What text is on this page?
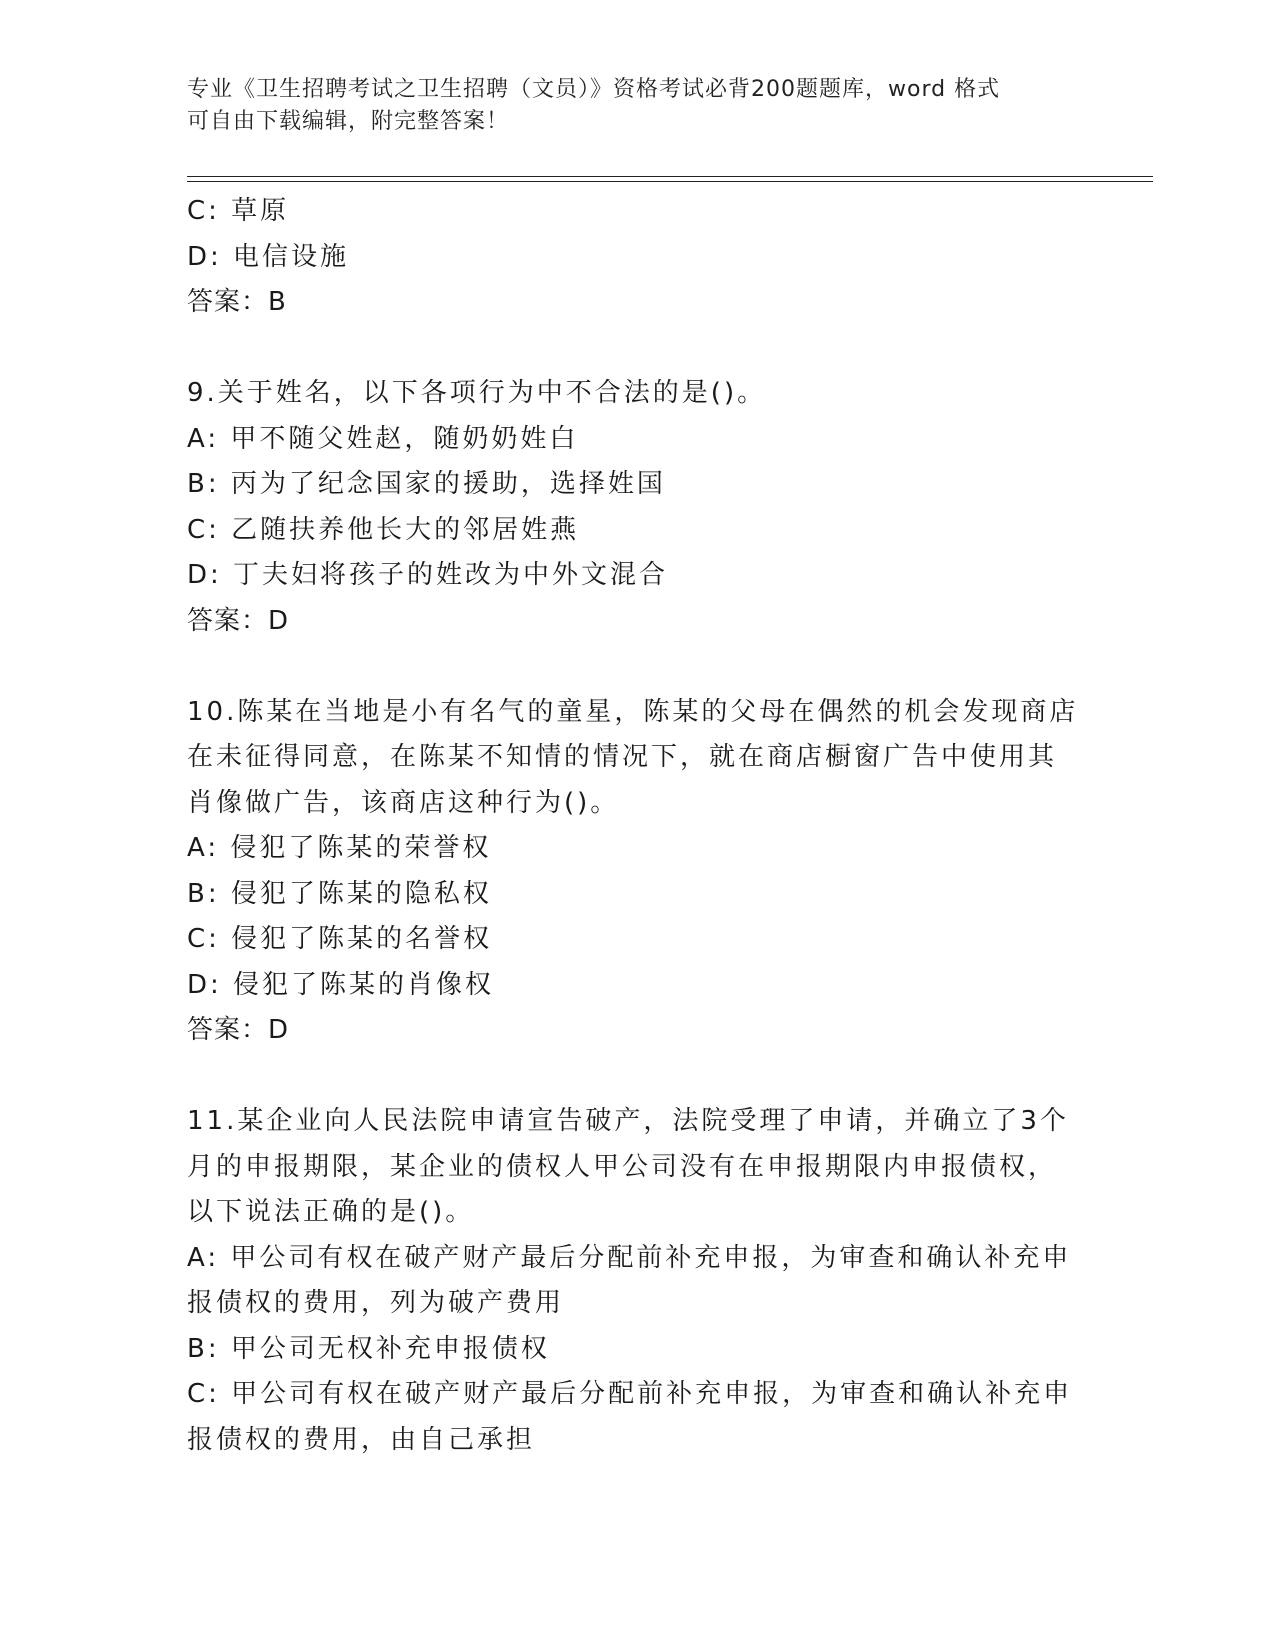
专业《卫生招聘考试之卫生招聘（文员）》资格考试必背200题题库，word 格式
可自由下载编辑，附完整答案！
C: 草原
D: 电信设施
答案：B
9.关于姓名，以下各项行为中不合法的是()。
A: 甲不随父姓赵，随奶奶姓白
B: 丙为了纪念国家的援助，选择姓国
C: 乙随扶养他长大的邻居姓燕
D: 丁夫妇将孩子的姓改为中外文混合
答案：D
10.陈某在当地是小有名气的童星，陈某的父母在偶然的机会发现商店
在未征得同意，在陈某不知情的情况下，就在商店橱窗广告中使用其
肖像做广告，该商店这种行为()。
A: 侵犯了陈某的荣誉权
B: 侵犯了陈某的隐私权
C: 侵犯了陈某的名誉权
D: 侵犯了陈某的肖像权
答案：D
11.某企业向人民法院申请宣告破产，法院受理了申请，并确立了3个
月的申报期限，某企业的债权人甲公司没有在申报期限内申报债权，
以下说法正确的是()。
A: 甲公司有权在破产财产最后分配前补充申报，为审查和确认补充申
报债权的费用，列为破产费用
B: 甲公司无权补充申报债权
C: 甲公司有权在破产财产最后分配前补充申报，为审查和确认补充申
报债权的费用，由自己承担
